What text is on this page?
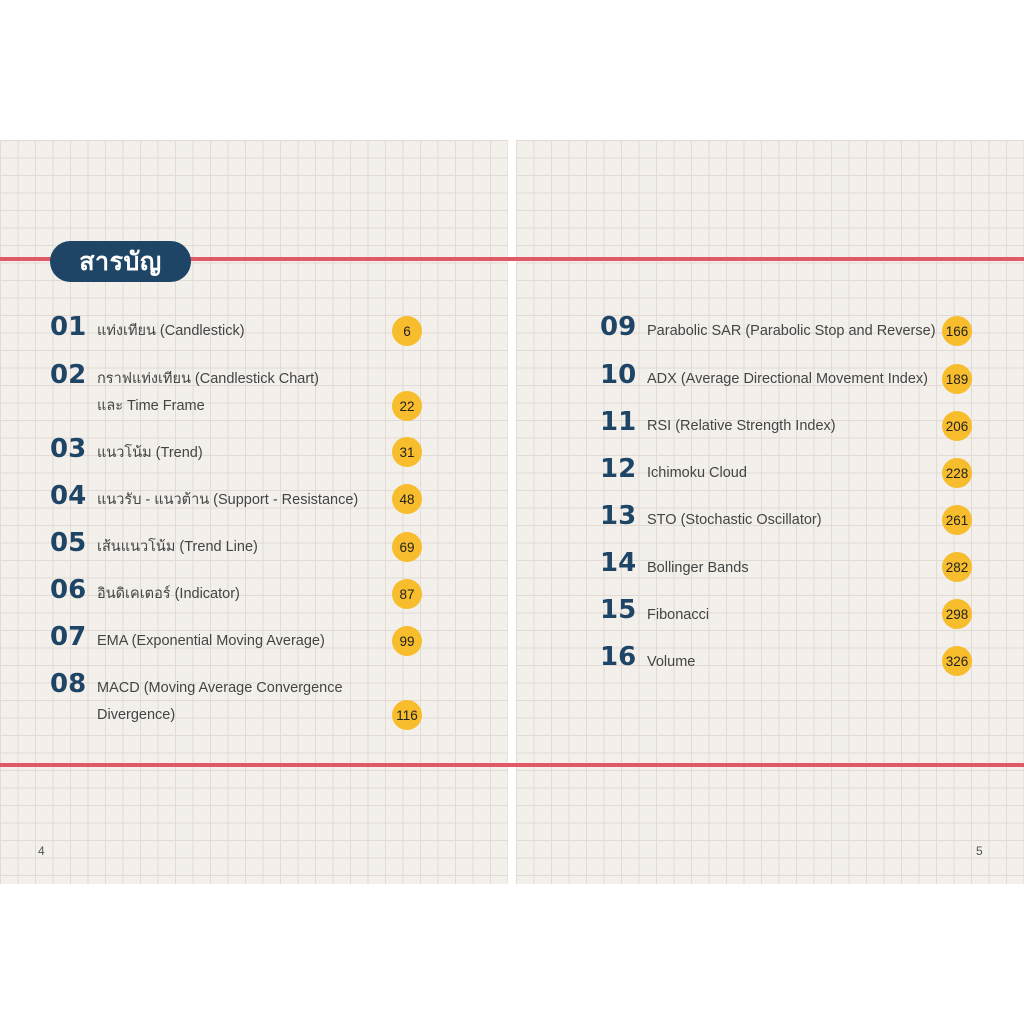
สารบัญ
01 แท่งเทียน (Candlestick)	6
02 กราฟแท่งเทียน (Candlestick Chart)
และ Time Frame	22
03 แนวโน้ม (Trend)	31
04 แนวรับ - แนวต้าน (Support - Resistance)	48
05 เส้นแนวโน้ม (Trend Line)	69
06 อินดิเคเตอร์ (Indicator)	87
07 EMA (Exponential Moving Average)	99
08 MACD (Moving Average Convergence
Divergence)	116
09 Parabolic SAR (Parabolic Stop and Reverse) 166
10 ADX (Average Directional Movement Index) 189
11 RSI (Relative Strength Index)	206
12 Ichimoku Cloud	228
13 STO (Stochastic Oscillator)	261
14 Bollinger Bands	282
15 Fibonacci	298
16 Volume	326
4	5
